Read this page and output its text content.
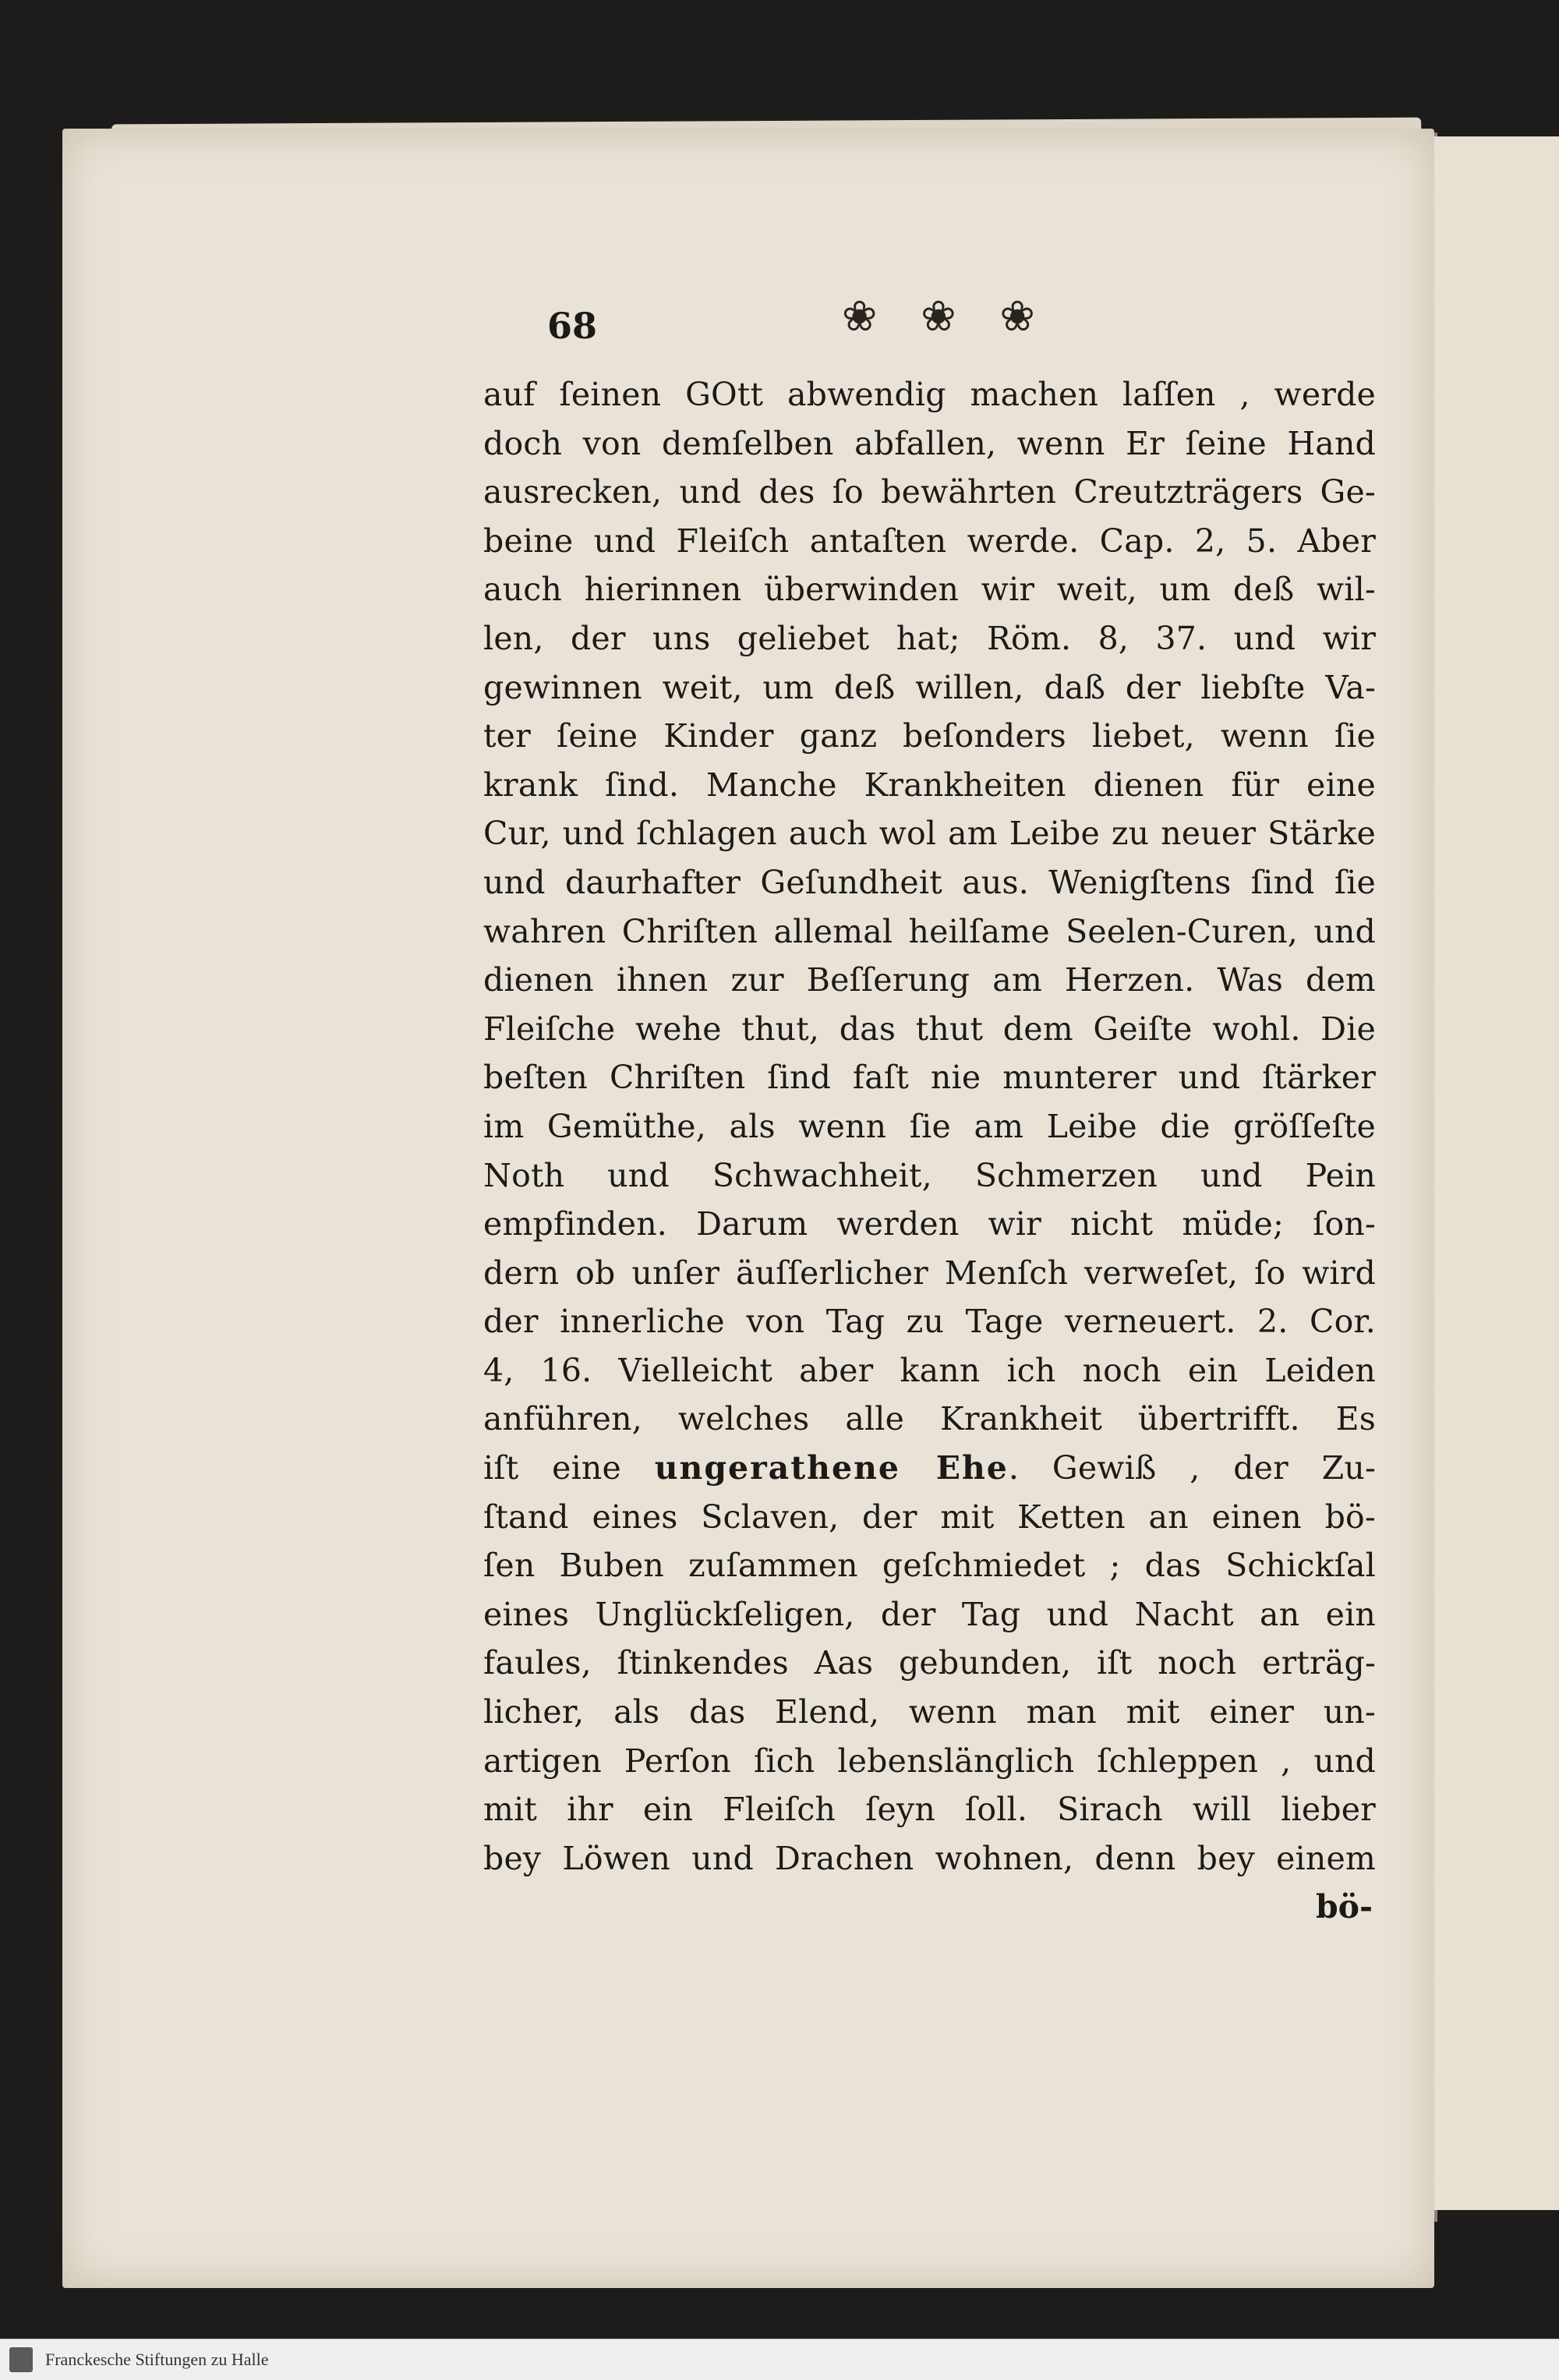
68	❀ ❀ ❀
auf ſeinen GOtt abwendig machen laſſen , werde
doch von demſelben abfallen, wenn Er ſeine Hand
ausrecken, und des ſo bewährten Creutzträgers Ge-
beine und Fleiſch antaſten werde. Cap. 2, 5. Aber
auch hierinnen überwinden wir weit, um deß wil-
len, der uns geliebet hat; Röm. 8, 37. und wir
gewinnen weit, um deß willen, daß der liebſte Va-
ter ſeine Kinder ganz beſonders liebet, wenn ſie
krank ſind. Manche Krankheiten dienen für eine
Cur, und ſchlagen auch wol am Leibe zu neuer Stärke
und daurhafter Geſundheit aus. Wenigſtens ſind ſie
wahren Chriſten allemal heilſame Seelen-Curen, und
dienen ihnen zur Beſſerung am Herzen. Was dem
Fleiſche wehe thut, das thut dem Geiſte wohl. Die
beſten Chriſten ſind faſt nie munterer und ſtärker
im Gemüthe, als wenn ſie am Leibe die gröſſeſte
Noth und Schwachheit, Schmerzen und Pein
empfinden. Darum werden wir nicht müde; ſon-
dern ob unſer äuſſerlicher Menſch verweſet, ſo wird
der innerliche von Tag zu Tage verneuert. 2. Cor.
4, 16. Vielleicht aber kann ich noch ein Leiden
anführen, welches alle Krankheit übertrifft. Es
iſt eine ungerathene Ehe. Gewiß , der Zu-
ſtand eines Sclaven, der mit Ketten an einen bö-
ſen Buben zuſammen geſchmiedet ; das Schickſal
eines Unglückſeligen, der Tag und Nacht an ein
faules, ſtinkendes Aas gebunden, iſt noch erträg-
licher, als das Elend, wenn man mit einer un-
artigen Perſon ſich lebenslänglich ſchleppen , und
mit ihr ein Fleiſch ſeyn ſoll. Sirach will lieber
bey Löwen und Drachen wohnen, denn bey einem
bö-
Franckesche Stiftungen zu Halle
